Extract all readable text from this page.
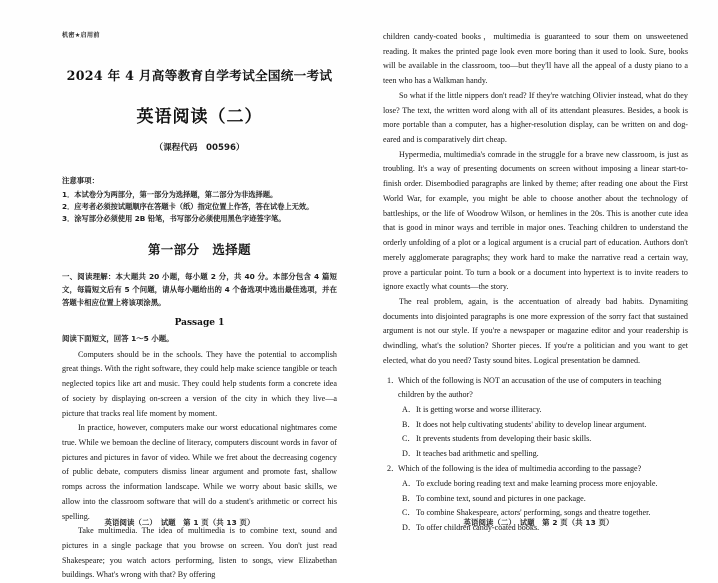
机密★启用前
2024 年 4 月高等教育自学考试全国统一考试
英语阅读（二）
（课程代码　00596）
注意事项：

1．本试卷分为两部分，第一部分为选择题，第二部分为非选择题。

2．应考者必须按试题顺序在答题卡（纸）指定位置上作答，答在试卷上无效。

3．涂写部分必须使用 2B 铅笔，书写部分必须使用黑色字迹签字笔。

第一部分　选择题

一、阅读理解：本大题共 20 小题，每小题 2 分，共 40 分。本部分包含 4 篇短文，每篇短文后有 5 个问题，请从每小题给出的 4 个备选项中选出最佳选项，并在答题卡相应位置上将该项涂黑。

Passage 1
阅读下面短文，回答 1～5 小题。

Computers should be in the schools. They have the potential to accomplish great things. With the right software, they could help make science tangible or teach neglected topics like art and music. They could help students form a concrete idea of society by displaying on-screen a version of the city in which they live—a picture that tracks real life moment by moment.

In practice, however, computers make our worst educational nightmares come true. While we bemoan the decline of literacy, computers discount words in favor of pictures and pictures in favor of video. While we fret about the decreasing cogency of public debate, computers dismiss linear argument and promote fast, shallow romps across the information landscape. While we worry about basic skills, we allow into the classroom software that will do a student's arithmetic or correct his spelling.

Take multimedia. The idea of multimedia is to combine text, sound and pictures in a single package that you browse on screen. You don't just read Shakespeare; you watch actors performing, listen to songs, view Elizabethan buildings. What's wrong with that? By offering

英语阅读（二）　试题　第 1 页（共 13 页）

children candy-coated books，multimedia is guaranteed to sour them on unsweetened reading. It makes the printed page look even more boring than it used to look. Sure, books will be available in the classroom, too—but they'll have all the appeal of a dusty piano to a teen who has a Walkman handy.

So what if the little nippers don't read? If they're watching Olivier instead, what do they lose? The text, the written word along with all of its attendant pleasures. Besides, a book is more portable than a computer, has a higher-resolution display, can be written on and dog-eared and is comparatively dirt cheap.

Hypermedia, multimedia's comrade in the struggle for a brave new classroom, is just as troubling. It's a way of presenting documents on screen without imposing a linear start-to-finish order. Disembodied paragraphs are linked by theme; after reading one about the First World War, for example, you might be able to choose another about the technology of battleships, or the life of Woodrow Wilson, or hemlines in the 20s. This is another cute idea that is good in minor ways and terrible in major ones. Teaching children to understand the orderly unfolding of a plot or a logical argument is a crucial part of education. Authors don't merely agglomerate paragraphs; they work hard to make the narrative read a certain way, prove a particular point. To turn a book or a document into hypertext is to invite readers to ignore exactly what counts—the story.

The real problem, again, is the accentuation of already bad habits. Dynamiting documents into disjointed paragraphs is one more expression of the sorry fact that sustained argument is not our style. If you're a newspaper or magazine editor and your readership is dwindling, what's the solution? Shorter pieces. If you're a politician and you want to get elected, what do you need? Tasty sound bites. Logical presentation be damned.

1．
Which of the following is NOT an accusation of the use of computers in teaching children by the author?
A． It is getting worse and worse illiteracy.
B． It does not help cultivating students' ability to develop linear argument.
C． It prevents students from developing their basic skills.
D． It teaches bad arithmetic and spelling.
2．
Which of the following is the idea of multimedia according to the passage?
A． To exclude boring reading text and make learning process more enjoyable.
B． To combine text, sound and pictures in one package.
C． To combine Shakespeare, actors' performing, songs and theatre together.
D． To offer children candy-coated books.
英语阅读（二）　试题　第 2 页（共 13 页）
